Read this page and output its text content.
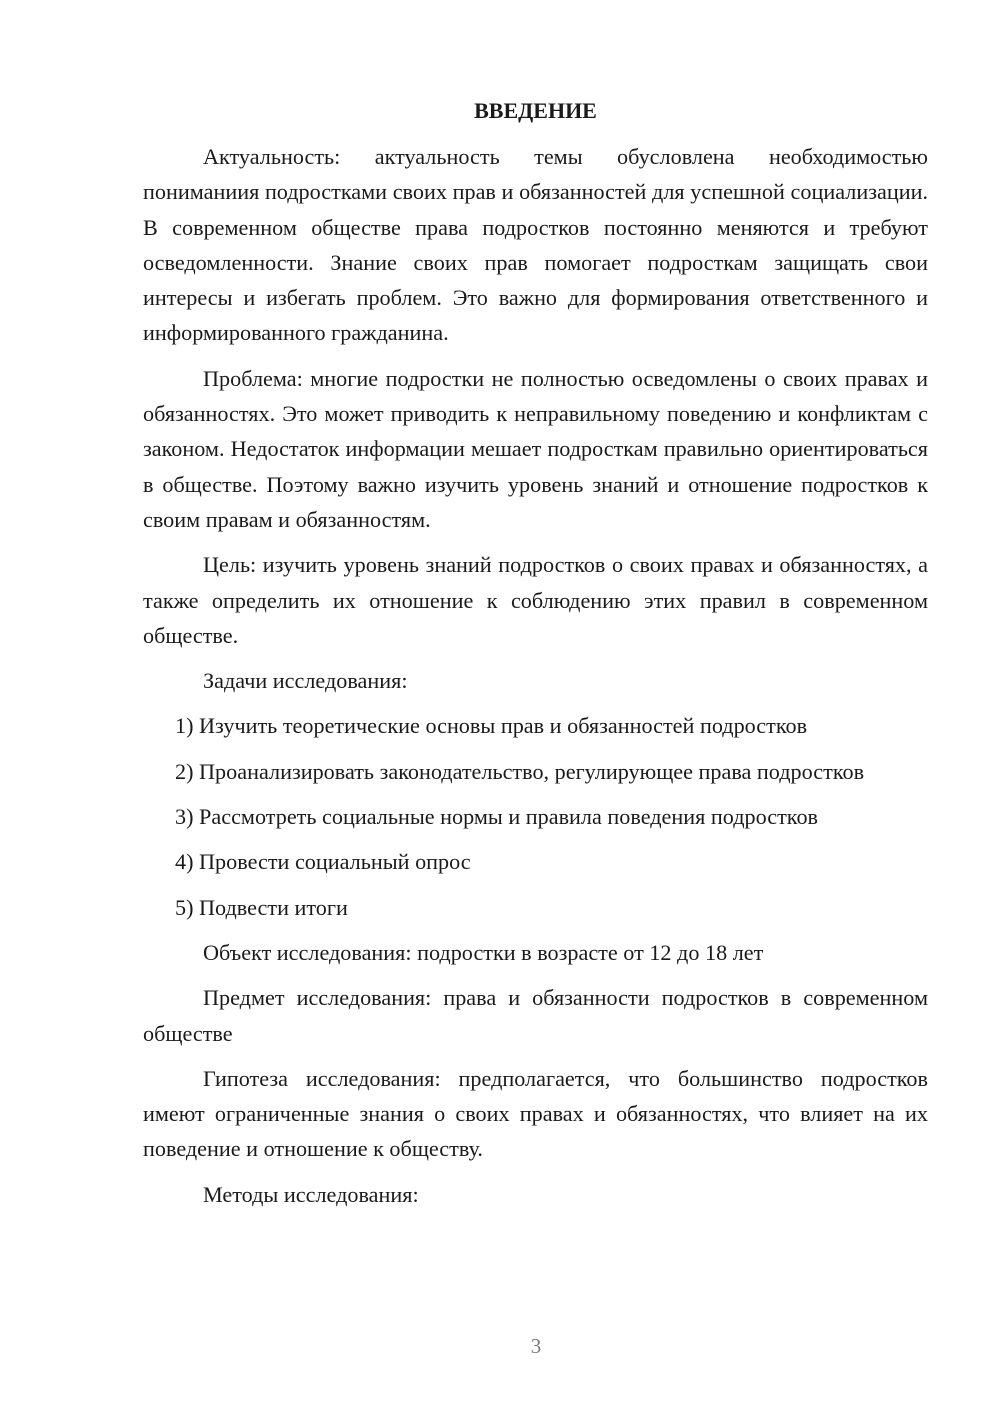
ВВЕДЕНИЕ

Актуальность: актуальность темы обусловлена необходимостью пониманиия подростками своих прав и обязанностей для успешной социализации. В современном обществе права подростков постоянно меняются и требуют осведомленности. Знание своих прав помогает подросткам защищать свои интересы и избегать проблем. Это важно для формирования ответственного и информированного гражданина.

Проблема: многие подростки не полностью осведомлены о своих правах и обязанностях. Это может приводить к неправильному поведению и конфликтам с законом. Недостаток информации мешает подросткам правильно ориентироваться в обществе. Поэтому важно изучить уровень знаний и отношение подростков к своим правам и обязанностям.

Цель: изучить уровень знаний подростков о своих правах и обязанностях, а также определить их отношение к соблюдению этих правил в современном обществе.

Задачи исследования:

1) Изучить теоретические основы прав и обязанностей подростков

2) Проанализировать законодательство, регулирующее права подростков

3) Рассмотреть социальные нормы и правила поведения подростков

4) Провести социальный опрос

5) Подвести итоги

Объект исследования: подростки в возрасте от 12 до 18 лет

Предмет исследования: права и обязанности подростков в современном обществе

Гипотеза исследования: предполагается, что большинство подростков имеют ограниченные знания о своих правах и обязанностях, что влияет на их поведение и отношение к обществу.

Методы исследования:

3
